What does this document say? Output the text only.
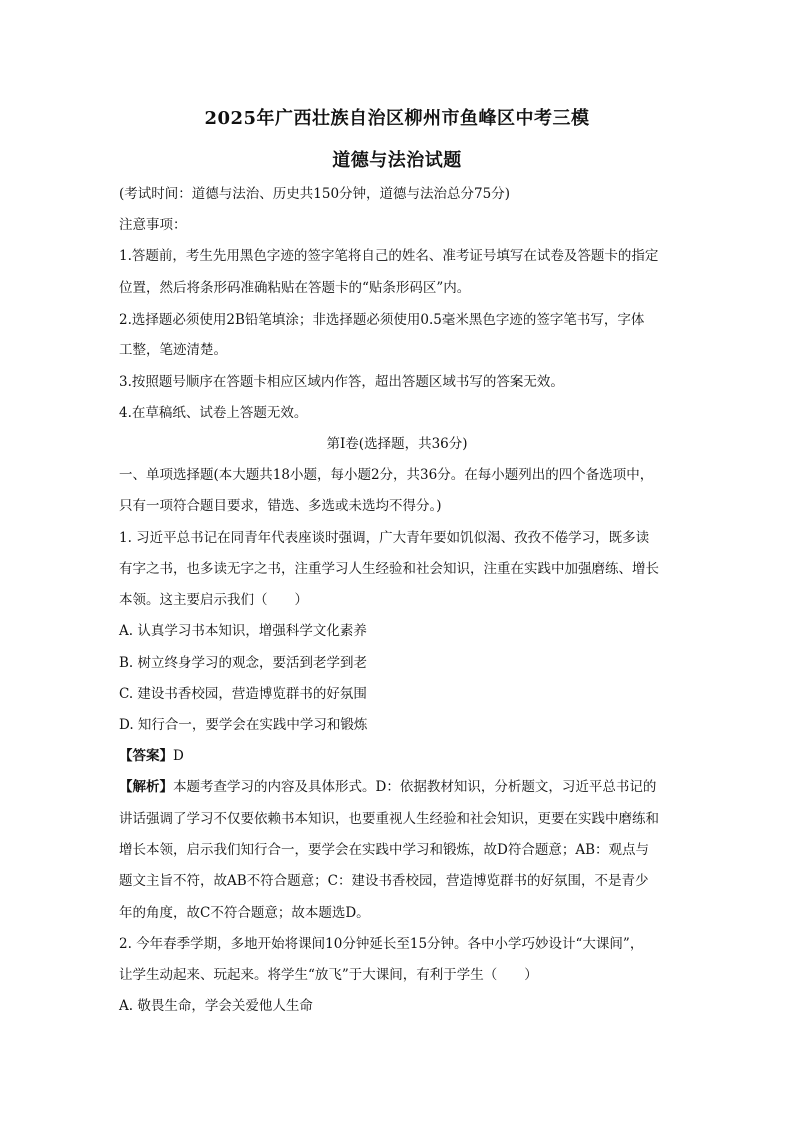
2025年广西壮族自治区柳州市鱼峰区中考三模
道德与法治试题
(考试时间：道德与法治、历史共150分钟，道德与法治总分75分)
注意事项：
1.答题前，考生先用黑色字迹的签字笔将自己的姓名、准考证号填写在试卷及答题卡的指定
位置，然后将条形码准确粘贴在答题卡的“贴条形码区”内。
2.选择题必须使用2B铅笔填涂；非选择题必须使用0.5毫米黑色字迹的签字笔书写，字体
工整，笔迹清楚。
3.按照题号顺序在答题卡相应区域内作答，超出答题区域书写的答案无效。
4.在草稿纸、试卷上答题无效。
第I卷(选择题，共36分)
一、单项选择题(本大题共18小题，每小题2分，共36分。在每小题列出的四个备选项中，
只有一项符合题目要求，错选、多选或未选均不得分。)
1. 习近平总书记在同青年代表座谈时强调，广大青年要如饥似渴、孜孜不倦学习，既多读
有字之书，也多读无字之书，注重学习人生经验和社会知识，注重在实践中加强磨练、增长
本领。这主要启示我们（　　）
A. 认真学习书本知识，增强科学文化素养
B. 树立终身学习的观念，要活到老学到老
C. 建设书香校园，营造博览群书的好氛围
D. 知行合一，要学会在实践中学习和锻炼
【答案】D
【解析】本题考查学习的内容及具体形式。D：依据教材知识，分析题文，习近平总书记的
讲话强调了学习不仅要依赖书本知识，也要重视人生经验和社会知识，更要在实践中磨练和
增长本领，启示我们知行合一，要学会在实践中学习和锻炼，故D符合题意；AB：观点与
题文主旨不符，故AB不符合题意；C：建设书香校园，营造博览群书的好氛围，不是青少
年的角度，故C不符合题意；故本题选D。
2. 今年春季学期，多地开始将课间10分钟延长至15分钟。各中小学巧妙设计“大课间”，
让学生动起来、玩起来。将学生“放飞”于大课间，有利于学生（　　）
A. 敬畏生命，学会关爱他人生命
